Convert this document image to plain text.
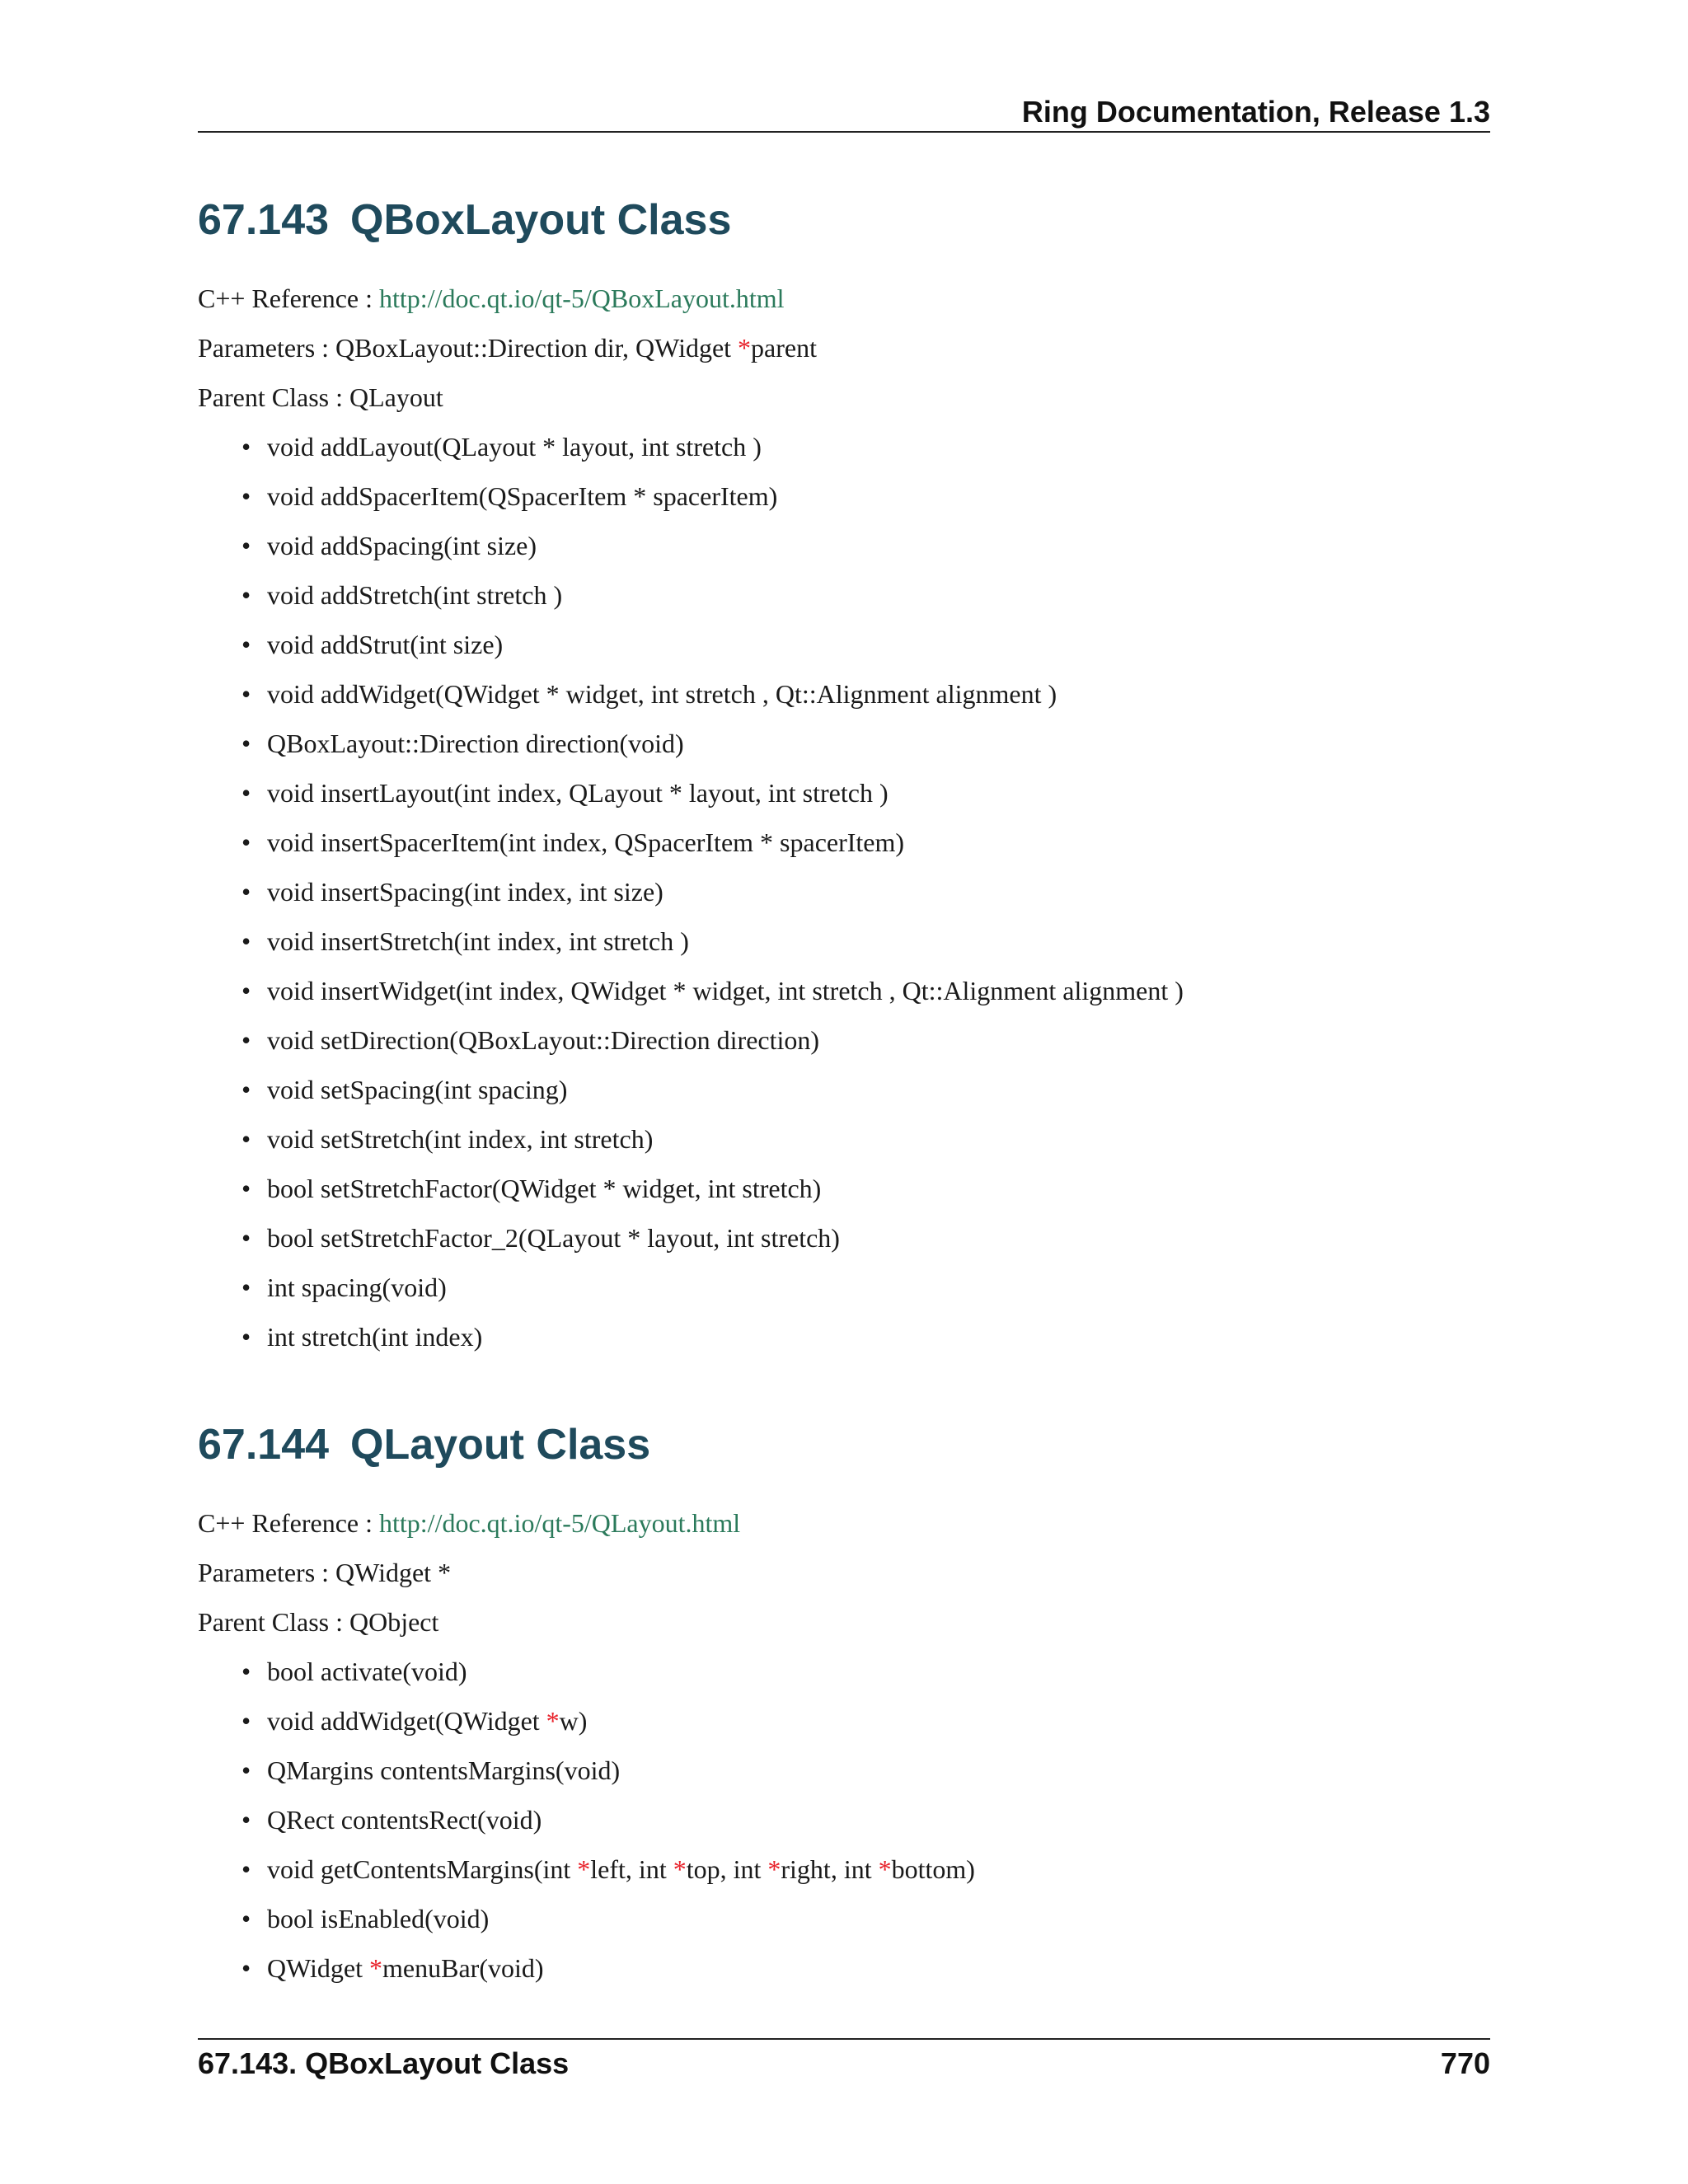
Ring Documentation, Release 1.3
67.143 QBoxLayout Class

C++ Reference : http://doc.qt.io/qt-5/QBoxLayout.html

Parameters : QBoxLayout::Direction dir, QWidget *parent

Parent Class : QLayout

• void addLayout(QLayout * layout, int stretch )
• void addSpacerItem(QSpacerItem * spacerItem)
• void addSpacing(int size)
• void addStretch(int stretch )
• void addStrut(int size)
• void addWidget(QWidget * widget, int stretch , Qt::Alignment alignment )
• QBoxLayout::Direction direction(void)
• void insertLayout(int index, QLayout * layout, int stretch )
• void insertSpacerItem(int index, QSpacerItem * spacerItem)
• void insertSpacing(int index, int size)
• void insertStretch(int index, int stretch )
• void insertWidget(int index, QWidget * widget, int stretch , Qt::Alignment alignment )
• void setDirection(QBoxLayout::Direction direction)
• void setSpacing(int spacing)
• void setStretch(int index, int stretch)
• bool setStretchFactor(QWidget * widget, int stretch)
• bool setStretchFactor_2(QLayout * layout, int stretch)
• int spacing(void)
• int stretch(int index)
67.144 QLayout Class

C++ Reference : http://doc.qt.io/qt-5/QLayout.html

Parameters : QWidget *

Parent Class : QObject

• bool activate(void)
• void addWidget(QWidget *w)
• QMargins contentsMargins(void)
• QRect contentsRect(void)
• void getContentsMargins(int *left, int *top, int *right, int *bottom)
• bool isEnabled(void)
• QWidget *menuBar(void)
67.143. QBoxLayout Class	770
